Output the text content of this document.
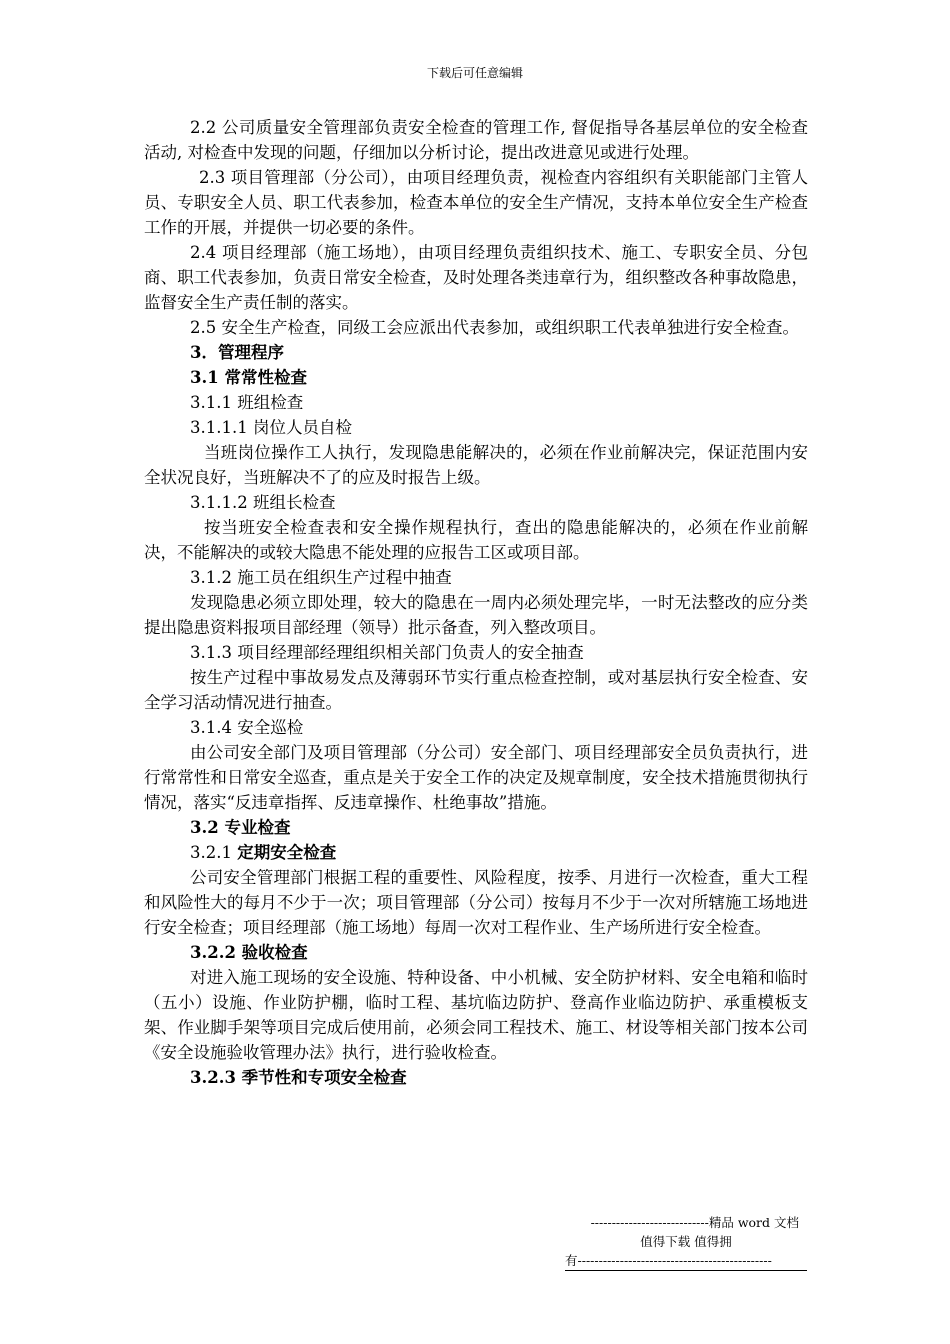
下载后可任意编辑

2.2 公司质量安全管理部负责安全检查的管理工作, 督促指导各基层单位的安全检查活动, 对检查中发现的问题，仔细加以分析讨论，提出改进意见或进行处理。

2.3 项目管理部（分公司），由项目经理负责，视检查内容组织有关职能部门主管人员、专职安全人员、职工代表参加，检查本单位的安全生产情况，支持本单位安全生产检查工作的开展，并提供一切必要的条件。

2.4 项目经理部（施工场地），由项目经理负责组织技术、施工、专职安全员、分包商、职工代表参加，负责日常安全检查，及时处理各类违章行为，组织整改各种事故隐患，监督安全生产责任制的落实。

2.5 安全生产检查，同级工会应派出代表参加，或组织职工代表单独进行安全检查。

3．管理程序

3.1 常常性检查

3.1.1 班组检查

3.1.1.1 岗位人员自检

当班岗位操作工人执行，发现隐患能解决的，必须在作业前解决完，保证范围内安全状况良好，当班解决不了的应及时报告上级。

3.1.1.2 班组长检查

按当班安全检查表和安全操作规程执行，查出的隐患能解决的，必须在作业前解决，不能解决的或较大隐患不能处理的应报告工区或项目部。

3.1.2 施工员在组织生产过程中抽查

发现隐患必须立即处理，较大的隐患在一周内必须处理完毕，一时无法整改的应分类提出隐患资料报项目部经理（领导）批示备查，列入整改项目。

3.1.3 项目经理部经理组织相关部门负责人的安全抽查

按生产过程中事故易发点及薄弱环节实行重点检查控制，或对基层执行安全检查、安全学习活动情况进行抽查。

3.1.4 安全巡检

由公司安全部门及项目管理部（分公司）安全部门、项目经理部安全员负责执行，进行常常性和日常安全巡查，重点是关于安全工作的决定及规章制度，安全技术措施贯彻执行情况，落实“反违章指挥、反违章操作、杜绝事故”措施。

3.2 专业检查

3.2.1 定期安全检查

公司安全管理部门根据工程的重要性、风险程度，按季、月进行一次检查，重大工程和风险性大的每月不少于一次；项目管理部（分公司）按每月不少于一次对所辖施工场地进行安全检查；项目经理部（施工场地）每周一次对工程作业、生产场所进行安全检查。

3.2.2 验收检查

对进入施工现场的安全设施、特种设备、中小机械、安全防护材料、安全电箱和临时（五小）设施、作业防护棚，临时工程、基坑临边防护、登高作业临边防护、承重模板支架、作业脚手架等项目完成后使用前，必须会同工程技术、施工、材设等相关部门按本公司《安全设施验收管理办法》执行，进行验收检查。

3.2.3 季节性和专项安全检查

----------------------------精品 word 文档
值得下载 值得拥
有----------------------------------------------
